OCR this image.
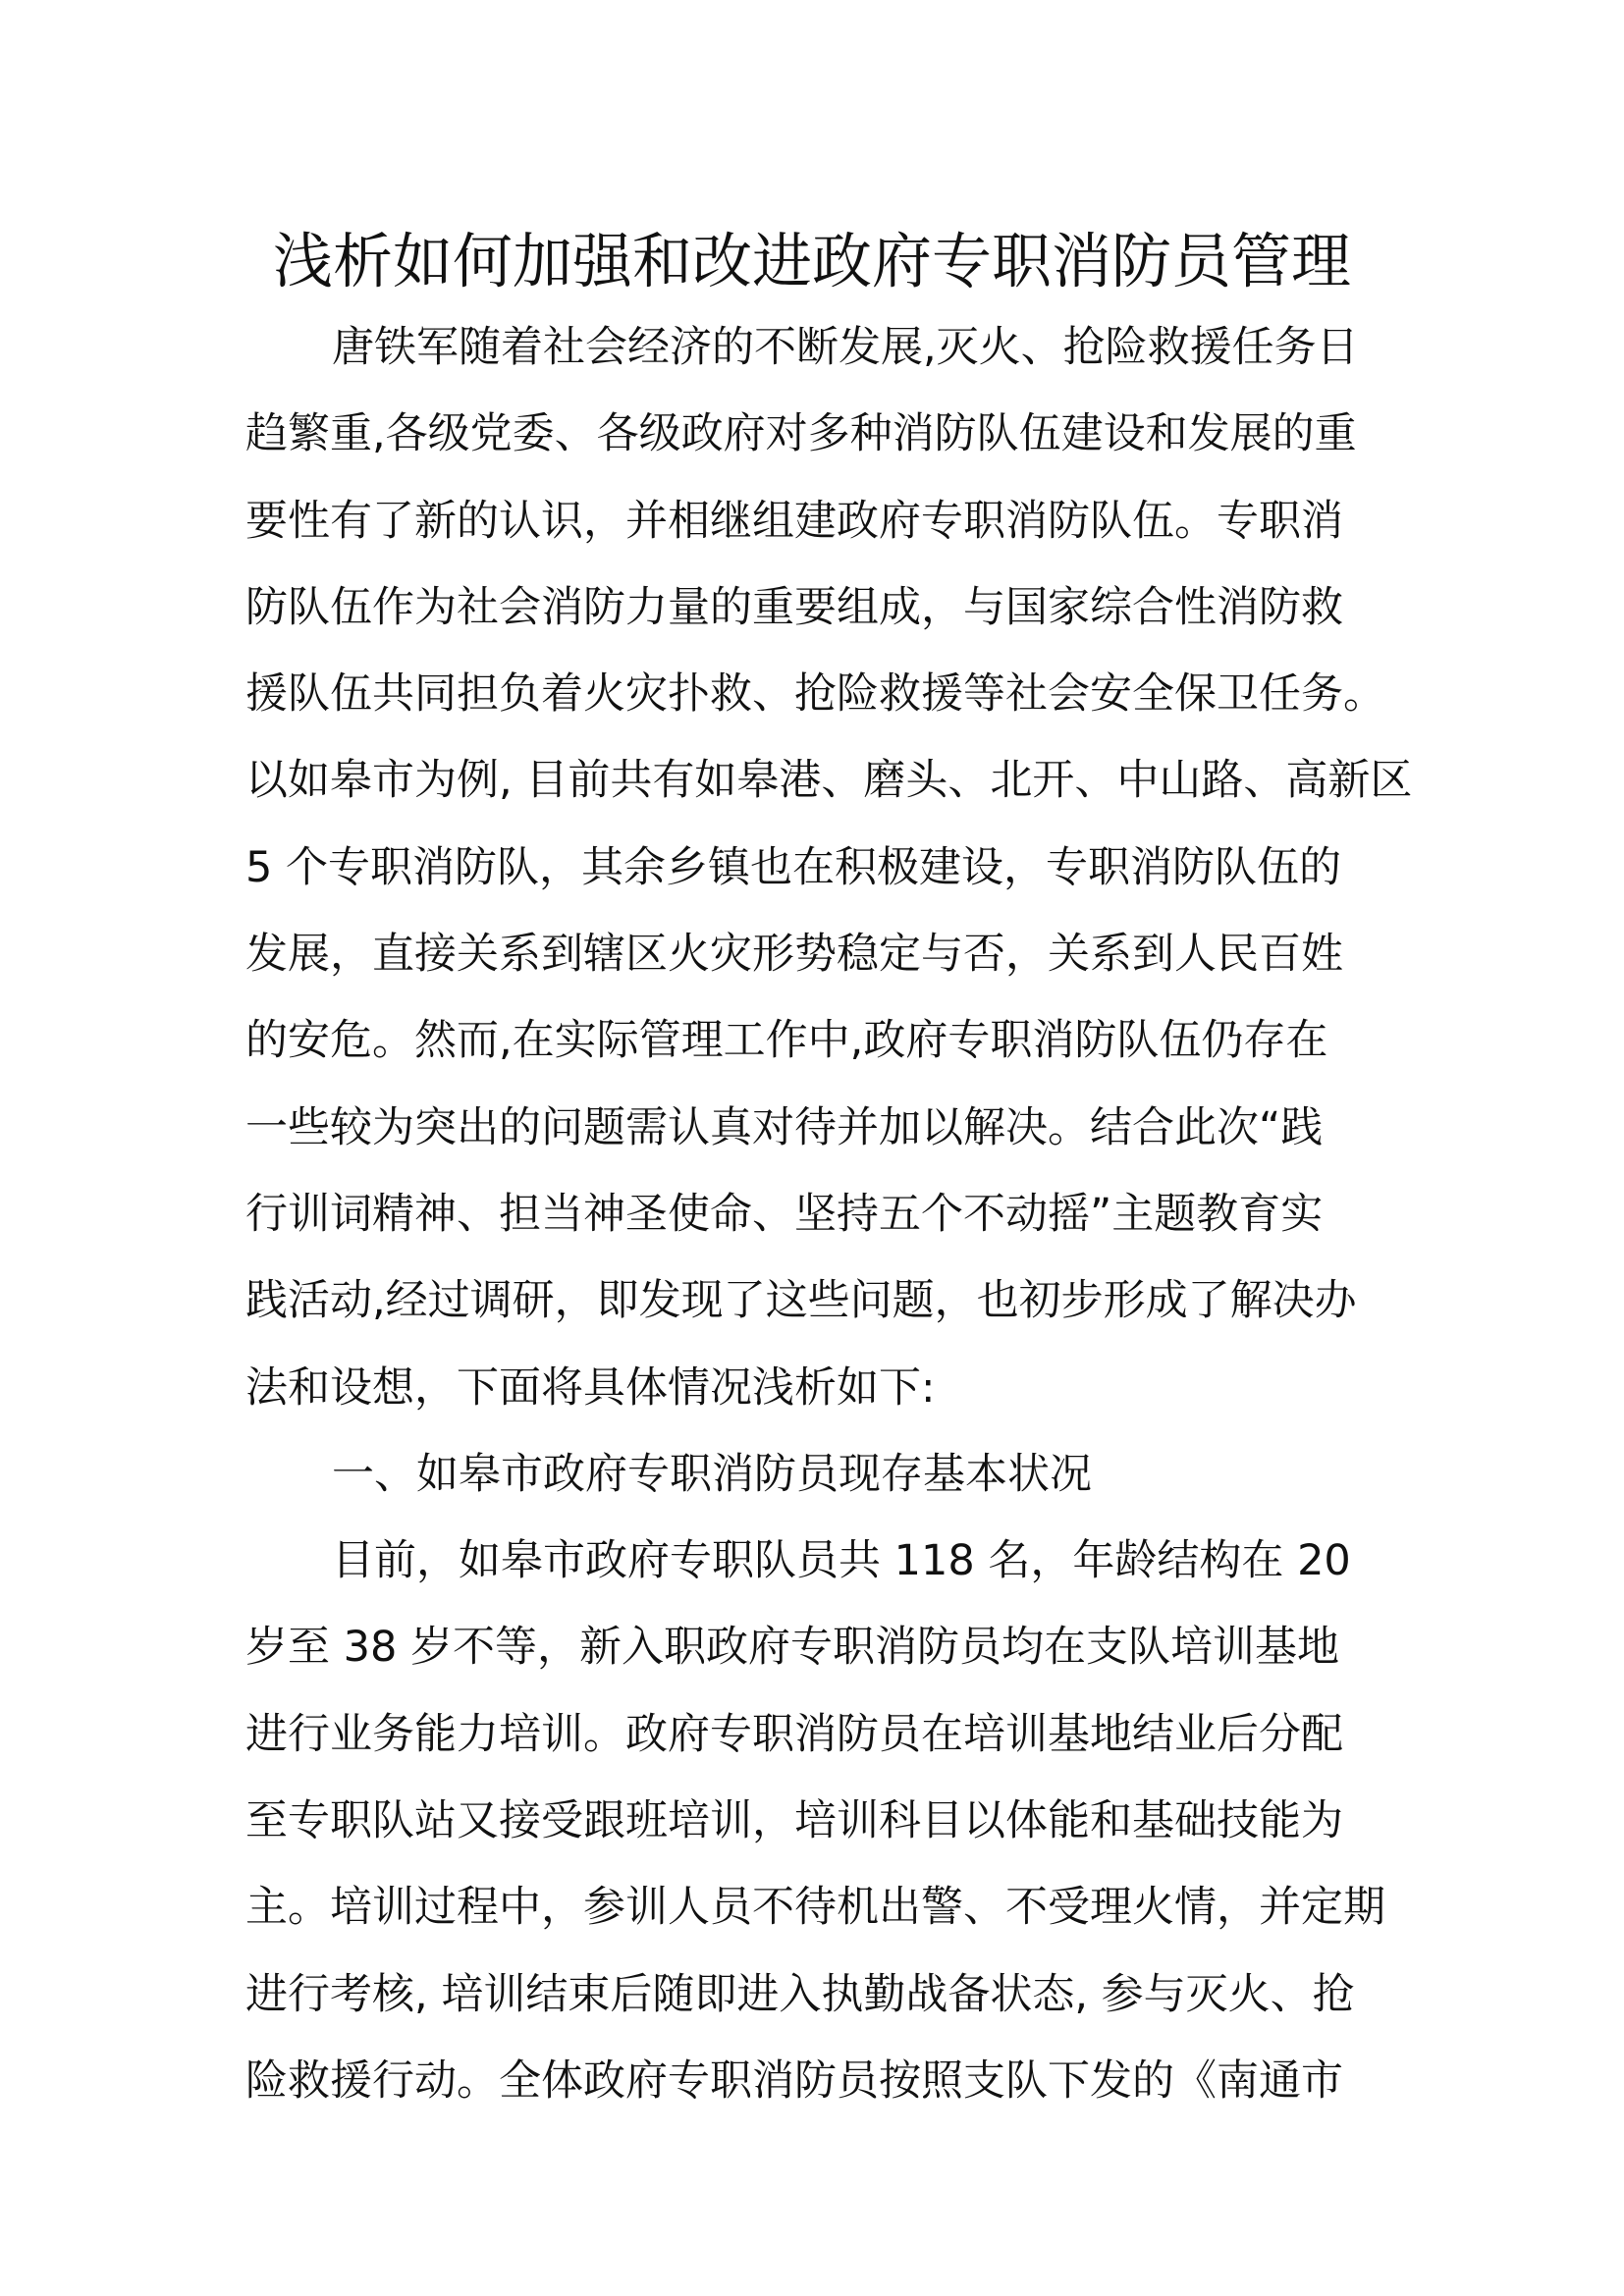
浅析如何加强和改进政府专职消防员管理
唐铁军随着社会经济的不断发展,灭火、抢险救援任务日
趋繁重,各级党委、各级政府对多种消防队伍建设和发展的重
要性有了新的认识，并相继组建政府专职消防队伍。专职消
防队伍作为社会消防力量的重要组成，与国家综合性消防救
援队伍共同担负着火灾扑救、抢险救援等社会安全保卫任务。
以如皋市为例, 目前共有如皋港、磨头、北开、中山路、高新区
5 个专职消防队，其余乡镇也在积极建设，专职消防队伍的
发展，直接关系到辖区火灾形势稳定与否，关系到人民百姓
的安危。然而,在实际管理工作中,政府专职消防队伍仍存在
一些较为突出的问题需认真对待并加以解决。结合此次“践
行训词精神、担当神圣使命、坚持五个不动摇”主题教育实
践活动,经过调研，即发现了这些问题，也初步形成了解决办
法和设想，下面将具体情况浅析如下:
一、如皋市政府专职消防员现存基本状况
目前，如皋市政府专职队员共 118 名，年龄结构在 20
岁至 38 岁不等，新入职政府专职消防员均在支队培训基地
进行业务能力培训。政府专职消防员在培训基地结业后分配
至专职队站又接受跟班培训，培训科目以体能和基础技能为
主。培训过程中，参训人员不待机出警、不受理火情，并定期
进行考核, 培训结束后随即进入执勤战备状态, 参与灭火、抢
险救援行动。全体政府专职消防员按照支队下发的《南通市
